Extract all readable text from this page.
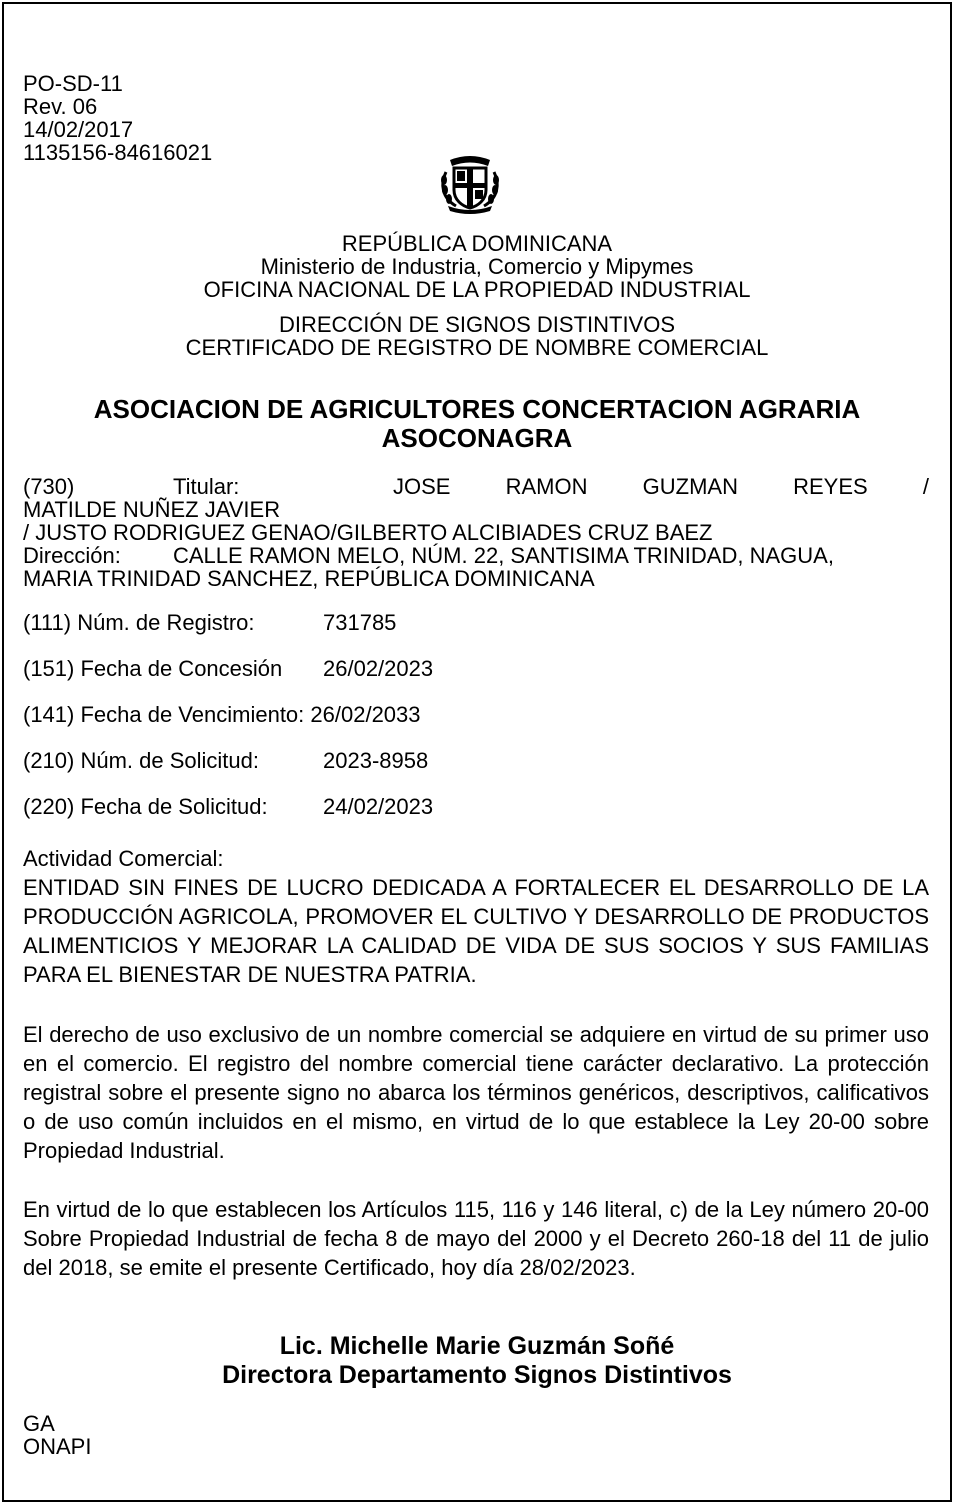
PO-SD-11
Rev. 06
14/02/2017
1135156-84616021
REPÚBLICA DOMINICANA
Ministerio de Industria, Comercio y Mipymes
OFICINA NACIONAL DE LA PROPIEDAD INDUSTRIAL
DIRECCIÓN DE SIGNOS DISTINTIVOS
CERTIFICADO DE REGISTRO DE NOMBRE COMERCIAL
ASOCIACION DE AGRICULTORES CONCERTACION AGRARIA
ASOCONAGRA
(730)	Titular:	JOSE	RAMON	GUZMAN	REYES	/
MATILDE NUÑEZ JAVIER
/ JUSTO RODRIGUEZ GENAO/GILBERTO ALCIBIADES CRUZ BAEZ
Dirección: CALLE RAMON MELO, NÚM. 22, SANTISIMA TRINIDAD, NAGUA,
MARIA TRINIDAD SANCHEZ, REPÚBLICA DOMINICANA
(111) Núm. de Registro:	731785
(151) Fecha de Concesión 26/02/2023
(141) Fecha de Vencimiento: 26/02/2033
(210) Núm. de Solicitud:	2023-8958
(220) Fecha de Solicitud:	24/02/2023
Actividad Comercial:
ENTIDAD SIN FINES DE LUCRO DEDICADA A FORTALECER EL DESARROLLO DE LA PRODUCCIÓN AGRICOLA, PROMOVER EL CULTIVO Y DESARROLLO DE PRODUCTOS ALIMENTICIOS Y MEJORAR LA CALIDAD DE VIDA DE SUS SOCIOS Y SUS FAMILIAS PARA EL BIENESTAR DE NUESTRA PATRIA.
El derecho de uso exclusivo de un nombre comercial se adquiere en virtud de su primer uso en el comercio. El registro del nombre comercial tiene carácter declarativo. La protección registral sobre el presente signo no abarca los términos genéricos, descriptivos, calificativos o de uso común incluidos en el mismo, en virtud de lo que establece la Ley 20-00 sobre Propiedad Industrial.
En virtud de lo que establecen los Artículos 115, 116 y 146 literal, c) de la Ley número 20-00 Sobre Propiedad Industrial de fecha 8 de mayo del 2000 y el Decreto 260-18 del 11 de julio del 2018, se emite el presente Certificado, hoy día 28/02/2023.
Lic. Michelle Marie Guzmán Soñé
Directora Departamento Signos Distintivos
GA
ONAPI
